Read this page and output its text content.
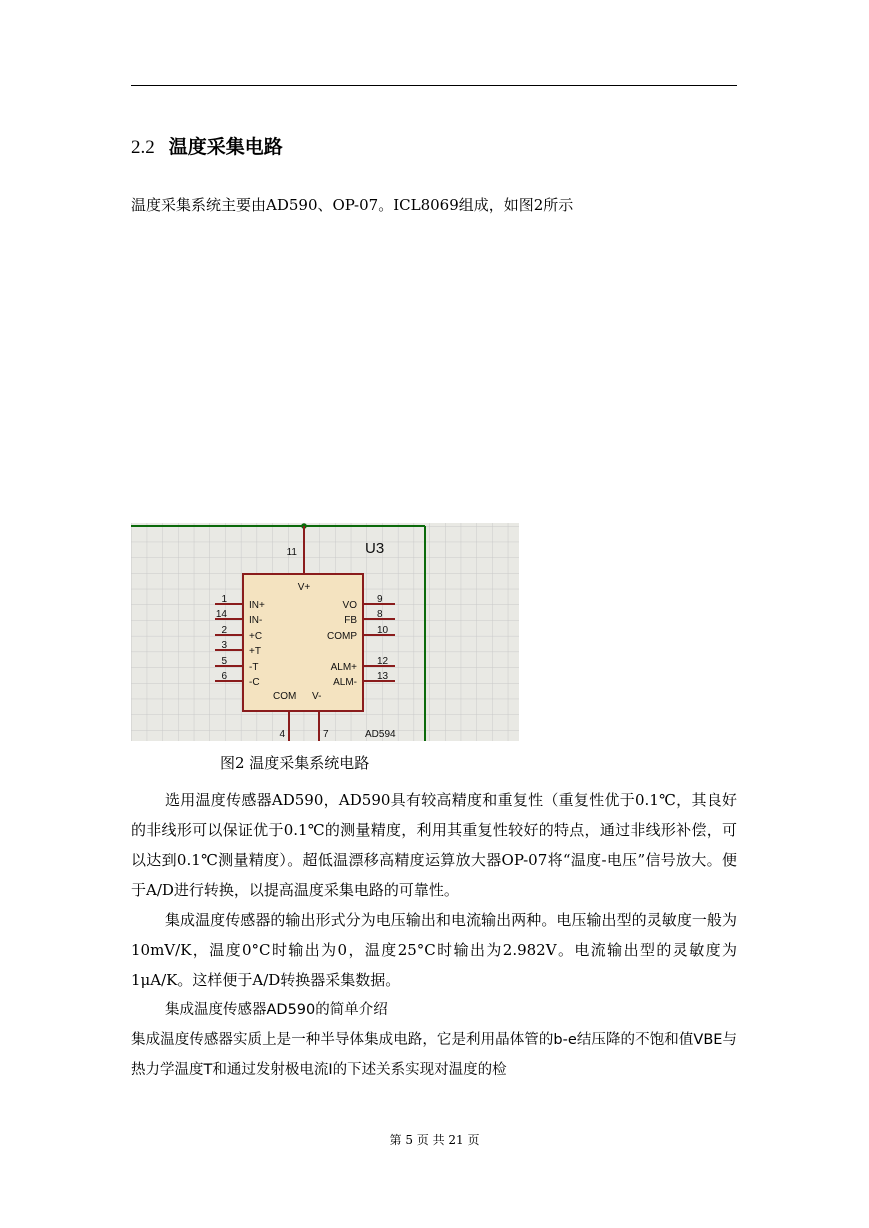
2.2 温度采集电路
温度采集系统主要由AD590、OP-07。ICL8069组成，如图2所示
U3
AD594
1
IN+
14
IN-
2
+C
3
+T
5
-T
6
-C
9
VO
8
FB
10
COMP
12
ALM+
13
ALM-
11
V+
4	7
COM V-
图2 温度采集系统电路

选用温度传感器AD590，AD590具有较高精度和重复性（重复性优于0.1℃，其良好的非线形可以保证优于0.1℃的测量精度，利用其重复性较好的特点，通过非线形补偿，可以达到0.1℃测量精度）。超低温漂移高精度运算放大器OP-07将“温度-电压”信号放大。便于A/D进行转换，以提高温度采集电路的可靠性。

集成温度传感器的输出形式分为电压输出和电流输出两种。电压输出型的灵敏度一般为10mV/K，温度0°C时输出为0，温度25°C时输出为2.982V。电流输出型的灵敏度为1μA/K。这样便于A/D转换器采集数据。

集成温度传感器AD590的简单介绍

集成温度传感器实质上是一种半导体集成电路，它是利用晶体管的b-e结压降的不饱和值VBE与热力学温度T和通过发射极电流I的下述关系实现对温度的检

第 5 页 共 21 页
